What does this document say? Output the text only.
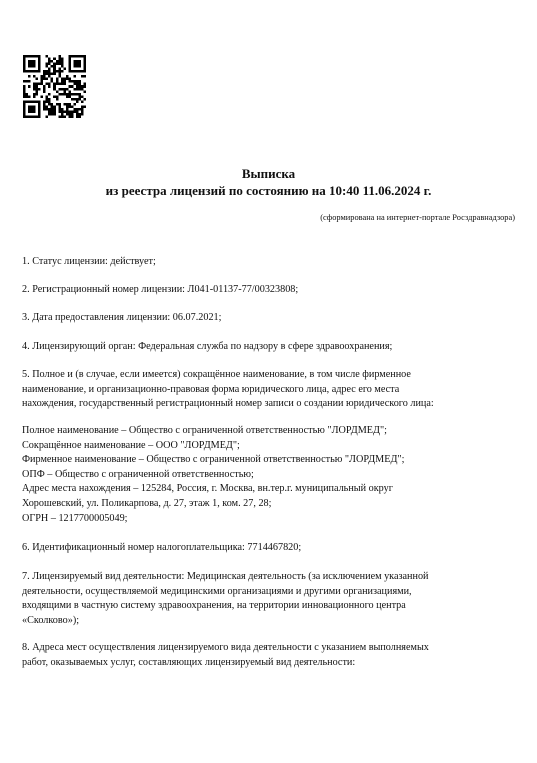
Выписка
из реестра лицензий по состоянию на 10:40 11.06.2024 г.
(сформирована на интернет-портале Росздравнадзора)
1. Статус лицензии: действует;
2. Регистрационный номер лицензии: Л041-01137-77/00323808;
3. Дата предоставления лицензии: 06.07.2021;
4. Лицензирующий орган: Федеральная служба по надзору в сфере здравоохранения;
5. Полное и (в случае, если имеется) сокращённое наименование, в том числе фирменное
наименование, и организационно-правовая форма юридического лица, адрес его места
нахождения, государственный регистрационный номер записи о создании юридического лица:
Полное наименование – Общество с ограниченной ответственностью "ЛОРДМЕД";
Сокращённое наименование – ООО "ЛОРДМЕД";
Фирменное наименование – Общество с ограниченной ответственностью "ЛОРДМЕД";
ОПФ – Общество с ограниченной ответственностью;
Адрес места нахождения – 125284, Россия, г. Москва, вн.тер.г. муниципальный округ
Хорошевский, ул. Поликарпова, д. 27, этаж 1, ком. 27, 28;
ОГРН – 1217700005049;
6. Идентификационный номер налогоплательщика: 7714467820;
7. Лицензируемый вид деятельности: Медицинская деятельность (за исключением указанной
деятельности, осуществляемой медицинскими организациями и другими организациями,
входящими в частную систему здравоохранения, на территории инновационного центра
«Сколково»);
8. Адреса мест осуществления лицензируемого вида деятельности с указанием выполняемых
работ, оказываемых услуг, составляющих лицензируемый вид деятельности:
